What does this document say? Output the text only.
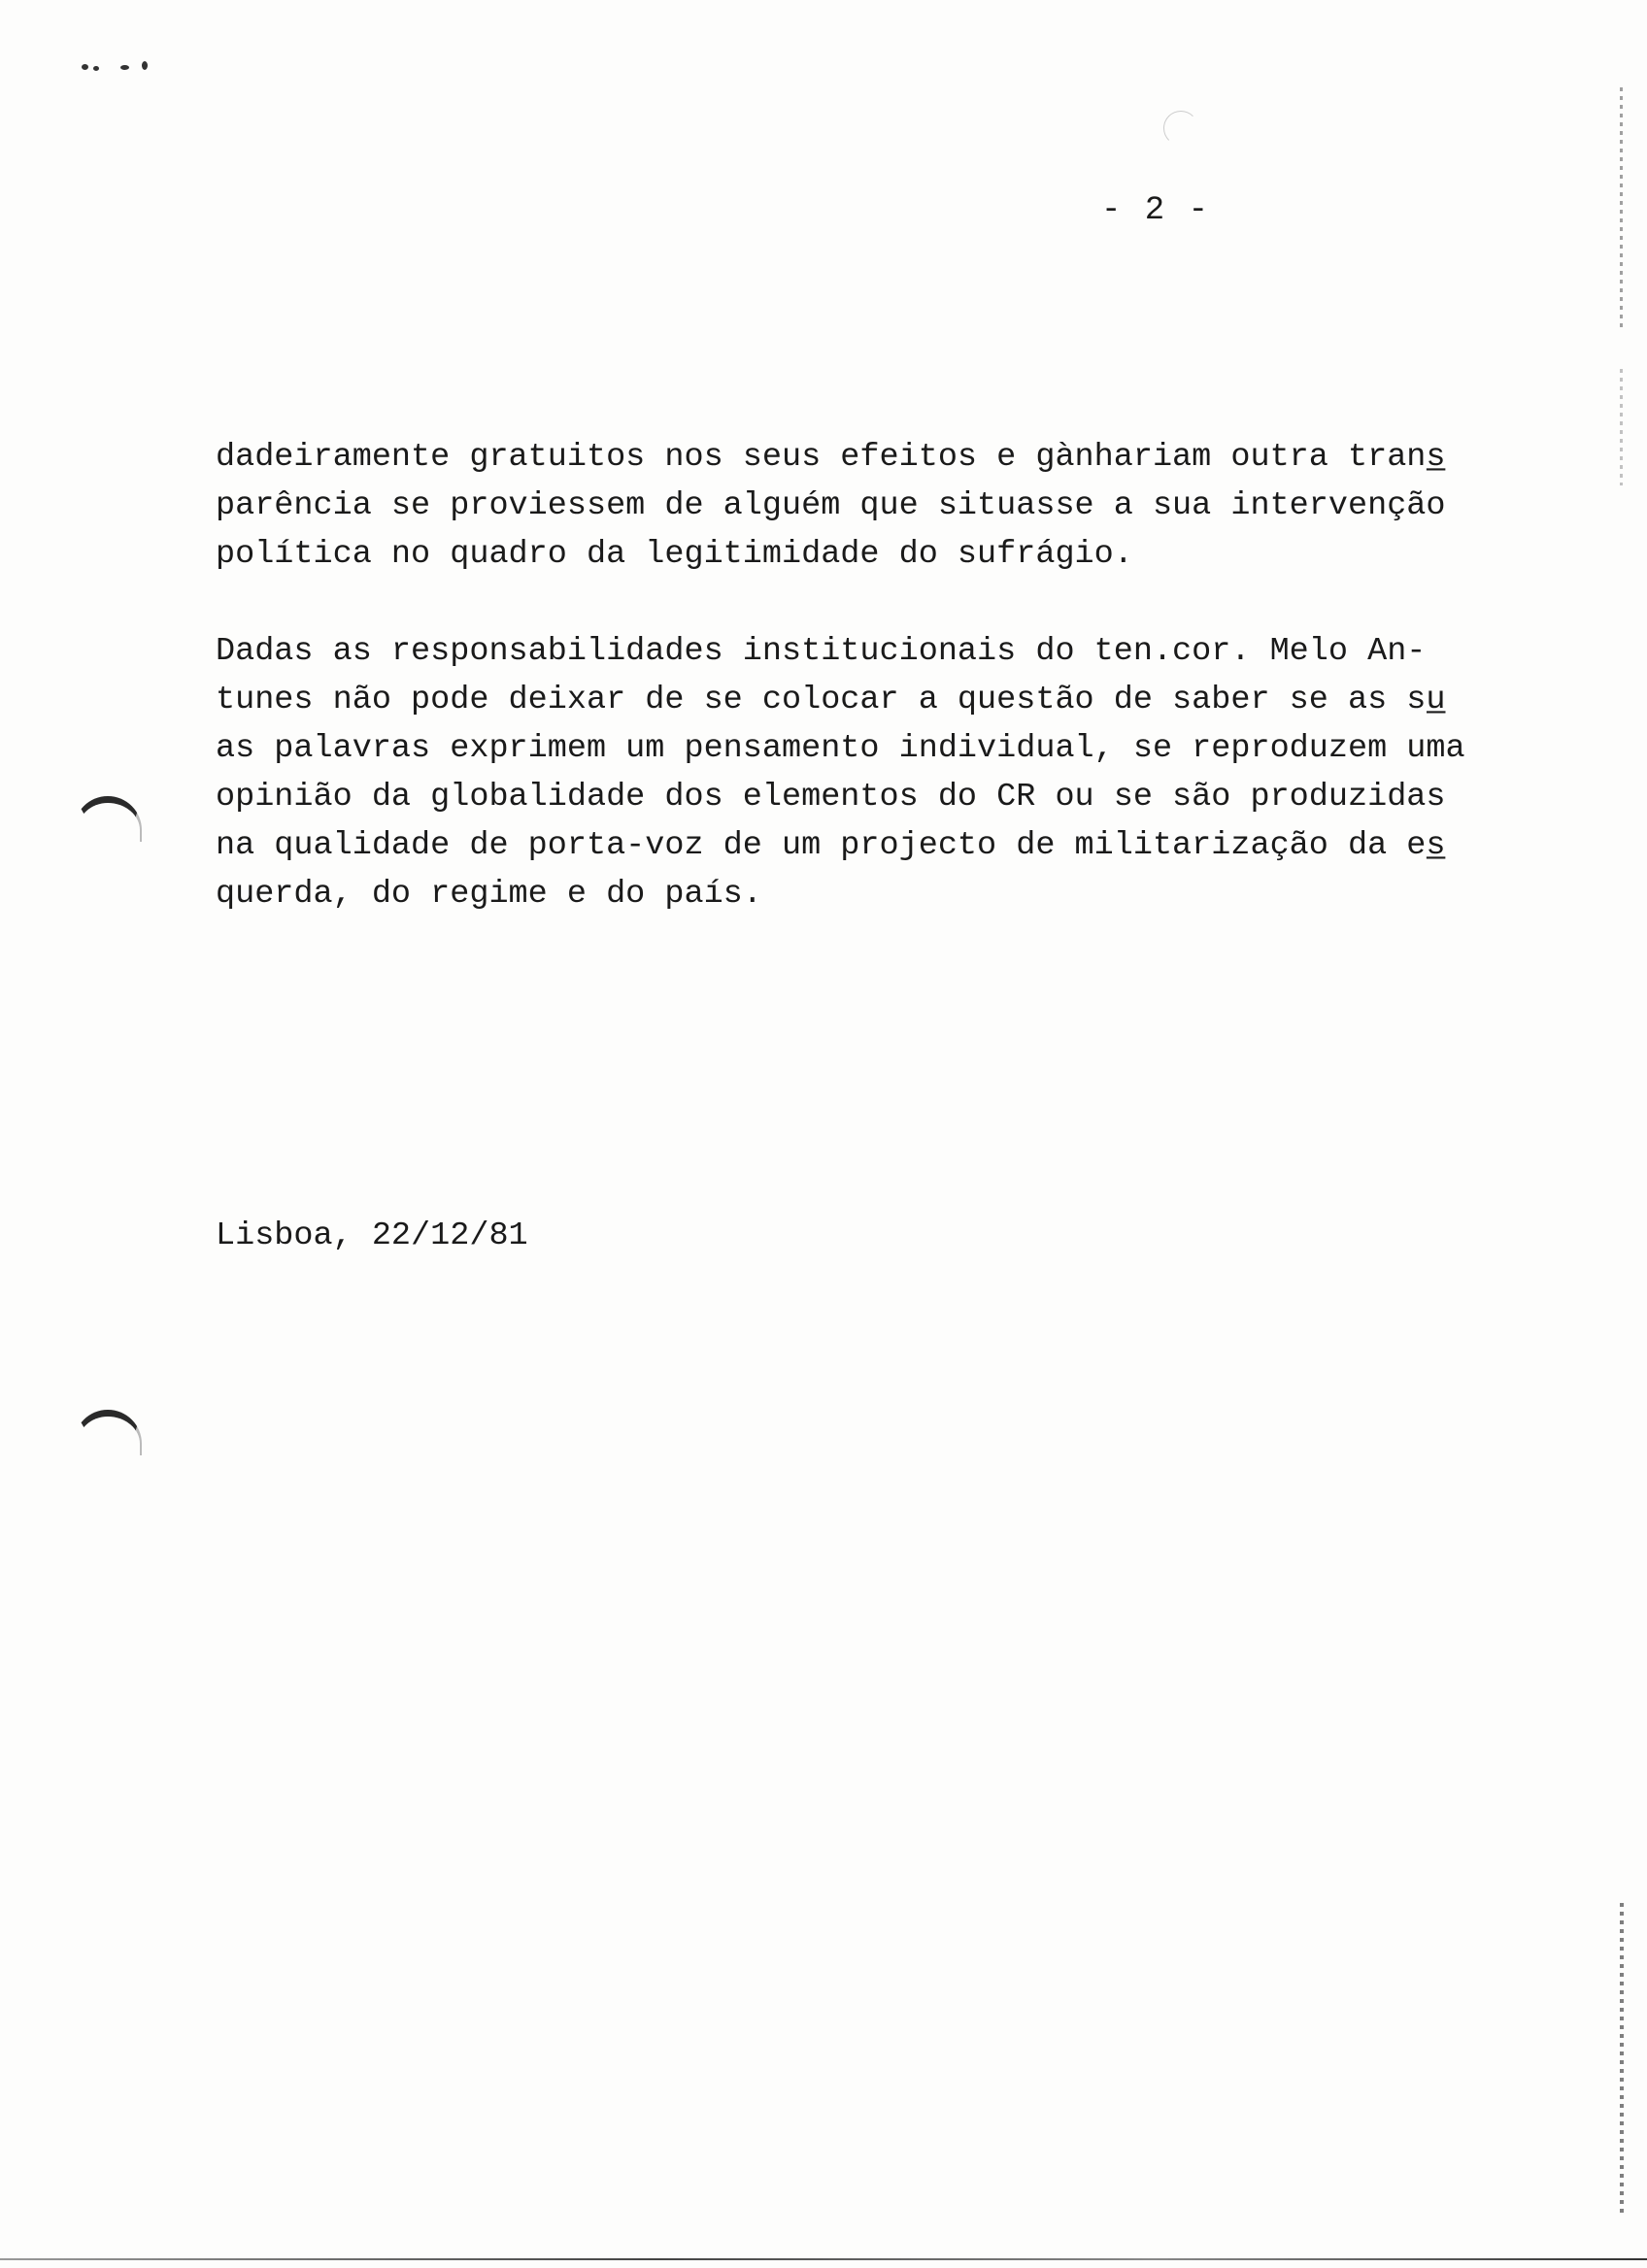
- 2 -

dadeiramente gratuitos nos seus efeitos e gànhariam outra trans̲
parência se proviessem de alguém que situasse a sua intervenção
política no quadro da legitimidade do sufrágio.

Dadas as responsabilidades institucionais do ten.cor. Melo An-
tunes não pode deixar de se colocar a questão de saber se as su̲
as palavras exprimem um pensamento individual, se reproduzem uma
opinião da globalidade dos elementos do CR ou se são produzidas
na qualidade de porta-voz de um projecto de militarização da es̲
querda, do regime e do país.

Lisboa, 22/12/81
